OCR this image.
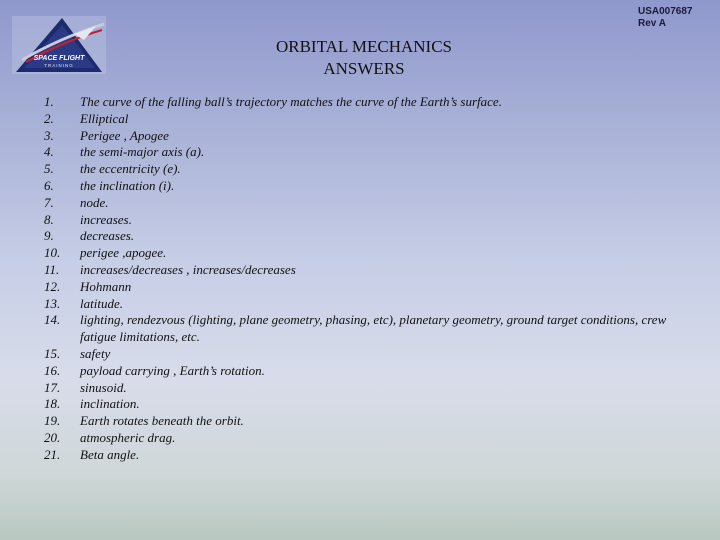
USA007687
Rev A
SPACE FLIGHT
TRAINING
ORBITAL MECHANICS
ANSWERS
1.	The curve of the falling ball’s trajectory matches the curve of the Earth’s surface.
2.	Elliptical
3.	Perigee , Apogee
4.	the semi-major axis (a).
5.	the eccentricity (e).
6.	the inclination (i).
7.	node.
8.	increases.
9.	decreases.
10.	perigee ,apogee.
11.	increases/decreases , increases/decreases
12.	Hohmann
13.	latitude.
14.	lighting, rendezvous (lighting, plane geometry, phasing, etc), planetary geometry, ground target conditions, crew fatigue limitations, etc.
15.	safety
16.	payload carrying , Earth’s rotation.
17.	sinusoid.
18.	inclination.
19.	Earth rotates beneath the orbit.
20.	atmospheric drag.
21.	Beta angle.
